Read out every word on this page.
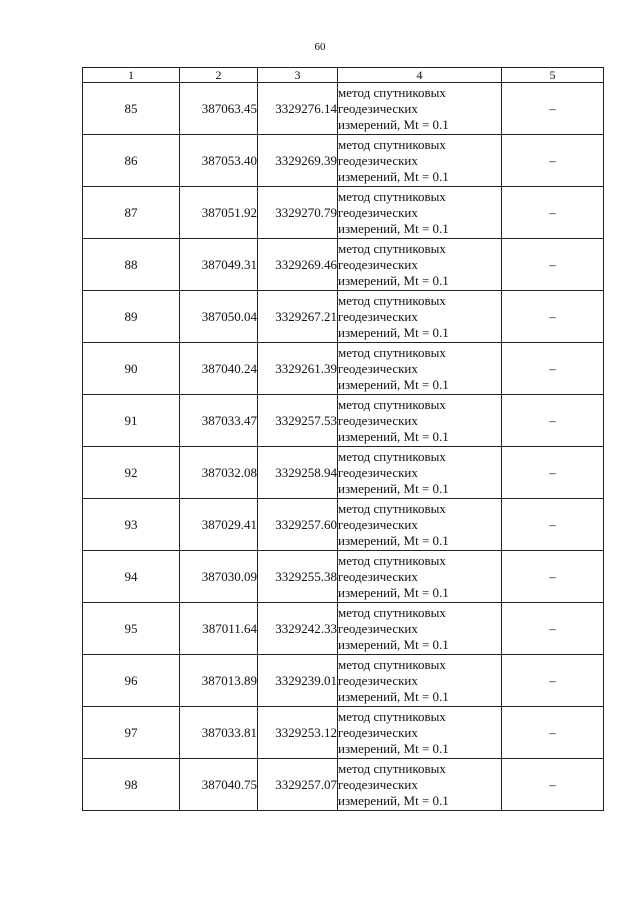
60
1	2	3	4	5
85	387063.45	3329276.14	метод спутниковых
геодезических
измерений, Mt = 0.1	–
86	387053.40	3329269.39	метод спутниковых
геодезических
измерений, Mt = 0.1	–
87	387051.92	3329270.79	метод спутниковых
геодезических
измерений, Mt = 0.1	–
88	387049.31	3329269.46	метод спутниковых
геодезических
измерений, Mt = 0.1	–
89	387050.04	3329267.21	метод спутниковых
геодезических
измерений, Mt = 0.1	–
90	387040.24	3329261.39	метод спутниковых
геодезических
измерений, Mt = 0.1	–
91	387033.47	3329257.53	метод спутниковых
геодезических
измерений, Mt = 0.1	–
92	387032.08	3329258.94	метод спутниковых
геодезических
измерений, Mt = 0.1	–
93	387029.41	3329257.60	метод спутниковых
геодезических
измерений, Mt = 0.1	–
94	387030.09	3329255.38	метод спутниковых
геодезических
измерений, Mt = 0.1	–
95	387011.64	3329242.33	метод спутниковых
геодезических
измерений, Mt = 0.1	–
96	387013.89	3329239.01	метод спутниковых
геодезических
измерений, Mt = 0.1	–
97	387033.81	3329253.12	метод спутниковых
геодезических
измерений, Mt = 0.1	–
98	387040.75	3329257.07	метод спутниковых
геодезических
измерений, Mt = 0.1	–
